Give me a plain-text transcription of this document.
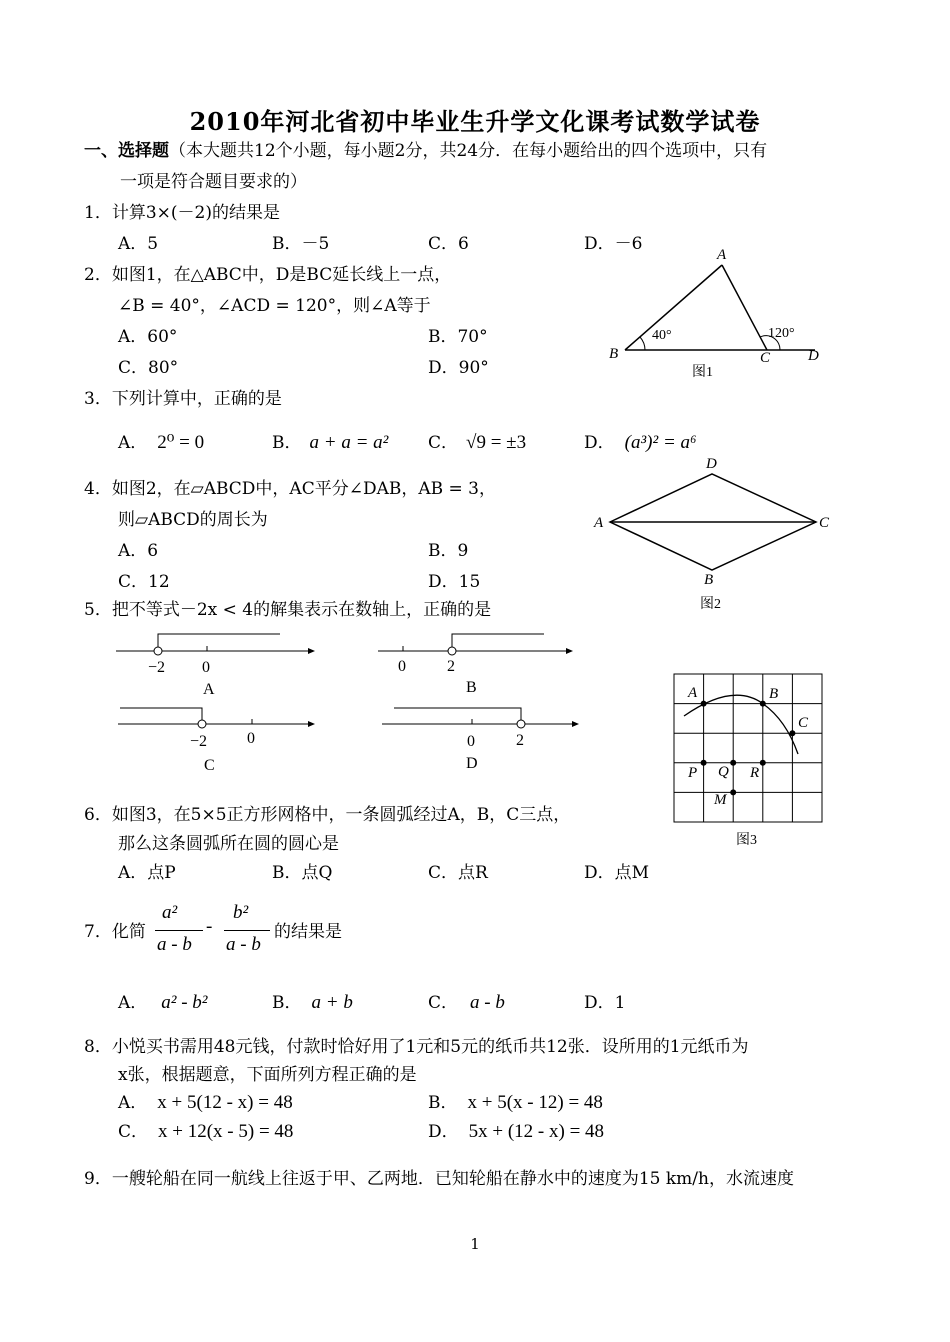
2010年河北省初中毕业生升学文化课考试数学试卷
一、选择题（本大题共12个小题，每小题2分，共24分．在每小题给出的四个选项中，只有
一项是符合题目要求的）
1．计算3×(－2)的结果是
A．5	B．－5	C．6	D．－6
2．如图1，在△ABC中，D是BC延长线上一点，
∠B = 40°，∠ACD = 120°，则∠A等于
A．60°	B．70°
C．80°	D．90°
A
B	C	D
40°	120°
图1
3．下列计算中，正确的是
A． 2⁰ = 0	B． a + a = a² C． √9 = ±3	D． (a³)² = a⁶
4．如图2，在▱ABCD中，AC平分∠DAB，AB = 3，
则▱ABCD的周长为
A．6	B．9
C．12	D．15
D
A	C
B
图2
5．把不等式－2x < 4的解集表示在数轴上，正确的是
−2 0
A
0	2
B
−2 0
C
0	2
D
A	B
C
P Q R
M
图3
6．如图3，在5×5正方形网格中，一条圆弧经过A，B，C三点，
那么这条圆弧所在圆的圆心是
A．点P	B．点Q	C．点R	D．点M
7．化简
a²
a - b
-
b²
a - b
的结果是
A． a² - b²	B． a + b	C． a - b	D．1
8．小悦买书需用48元钱，付款时恰好用了1元和5元的纸币共12张．设所用的1元纸币为
x张，根据题意，下面所列方程正确的是
A． x + 5(12 - x) = 48	B． x + 5(x - 12) = 48
C． x + 12(x - 5) = 48	D． 5x + (12 - x) = 48
9．一艘轮船在同一航线上往返于甲、乙两地．已知轮船在静水中的速度为15 km/h，水流速度
1
